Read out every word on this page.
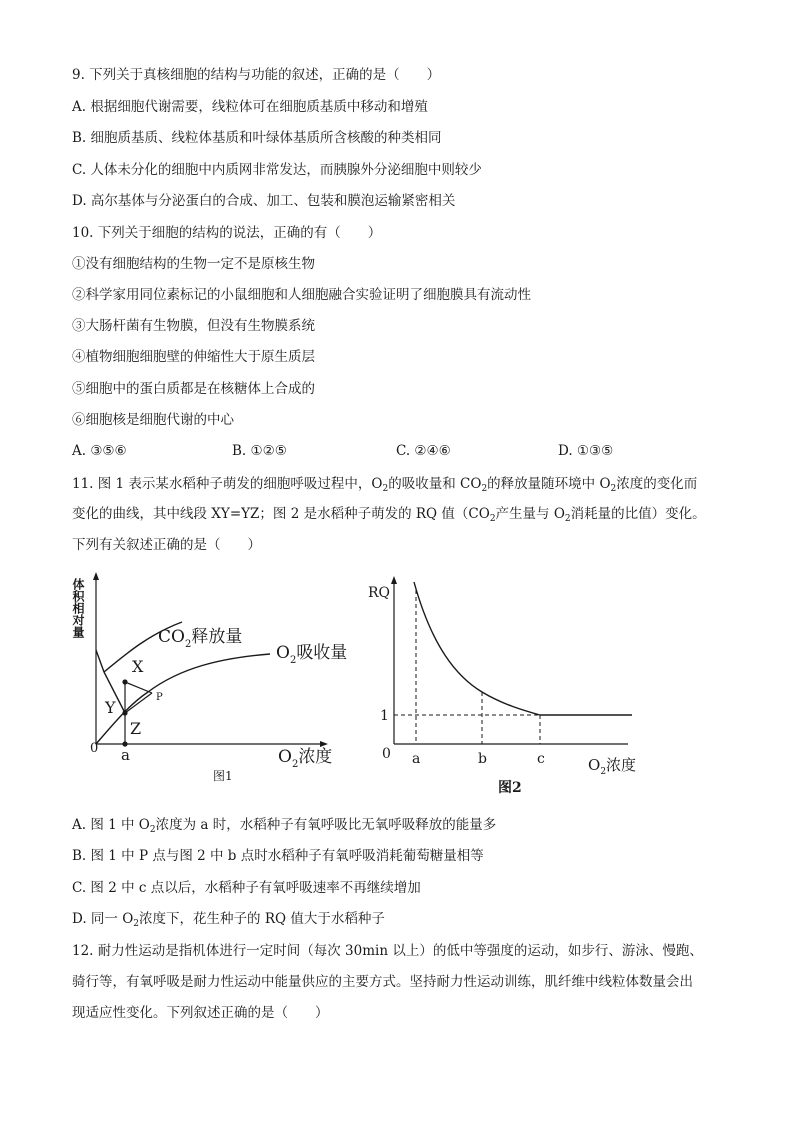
9. 下列关于真核细胞的结构与功能的叙述，正确的是（　　）
A. 根据细胞代谢需要，线粒体可在细胞质基质中移动和增殖
B. 细胞质基质、线粒体基质和叶绿体基质所含核酸的种类相同
C. 人体未分化的细胞中内质网非常发达，而胰腺外分泌细胞中则较少
D. 高尔基体与分泌蛋白的合成、加工、包装和膜泡运输紧密相关
10. 下列关于细胞的结构的说法，正确的有（　　）
①没有细胞结构的生物一定不是原核生物
②科学家用同位素标记的小鼠细胞和人细胞融合实验证明了细胞膜具有流动性
③大肠杆菌有生物膜，但没有生物膜系统
④植物细胞细胞壁的伸缩性大于原生质层
⑤细胞中的蛋白质都是在核糖体上合成的
⑥细胞核是细胞代谢的中心
A. ③⑤⑥	B. ①②⑤	C. ②④⑥	D. ①③⑤
11. 图 1 表示某水稻种子萌发的细胞呼吸过程中，$O_2$的吸收量和 $CO_2$的释放量随环境中 $O_2$浓度的变化而
变化的曲线，其中线段 XY=YZ；图 2 是水稻种子萌发的 RQ 值（$CO_2$产生量与 $O_2$消耗量的比值）变化。
下列有关叙述正确的是（　　）
体积相对量	$CO_2$释放量
$O_2$吸收量
X
Y
Z
P
0 a	$O_2$浓度
图1
RQ
1
0 a	b	c	$O_2$浓度
图2
A. 图 1 中 $O_2$浓度为 a 时，水稻种子有氧呼吸比无氧呼吸释放的能量多
B. 图 1 中 P 点与图 2 中 b 点时水稻种子有氧呼吸消耗葡萄糖量相等
C. 图 2 中 c 点以后，水稻种子有氧呼吸速率不再继续增加
D. 同一 $O_2$浓度下，花生种子的 RQ 值大于水稻种子
12. 耐力性运动是指机体进行一定时间（每次 30min 以上）的低中等强度的运动，如步行、游泳、慢跑、
骑行等，有氧呼吸是耐力性运动中能量供应的主要方式。坚持耐力性运动训练，肌纤维中线粒体数量会出
现适应性变化。下列叙述正确的是（　　）
